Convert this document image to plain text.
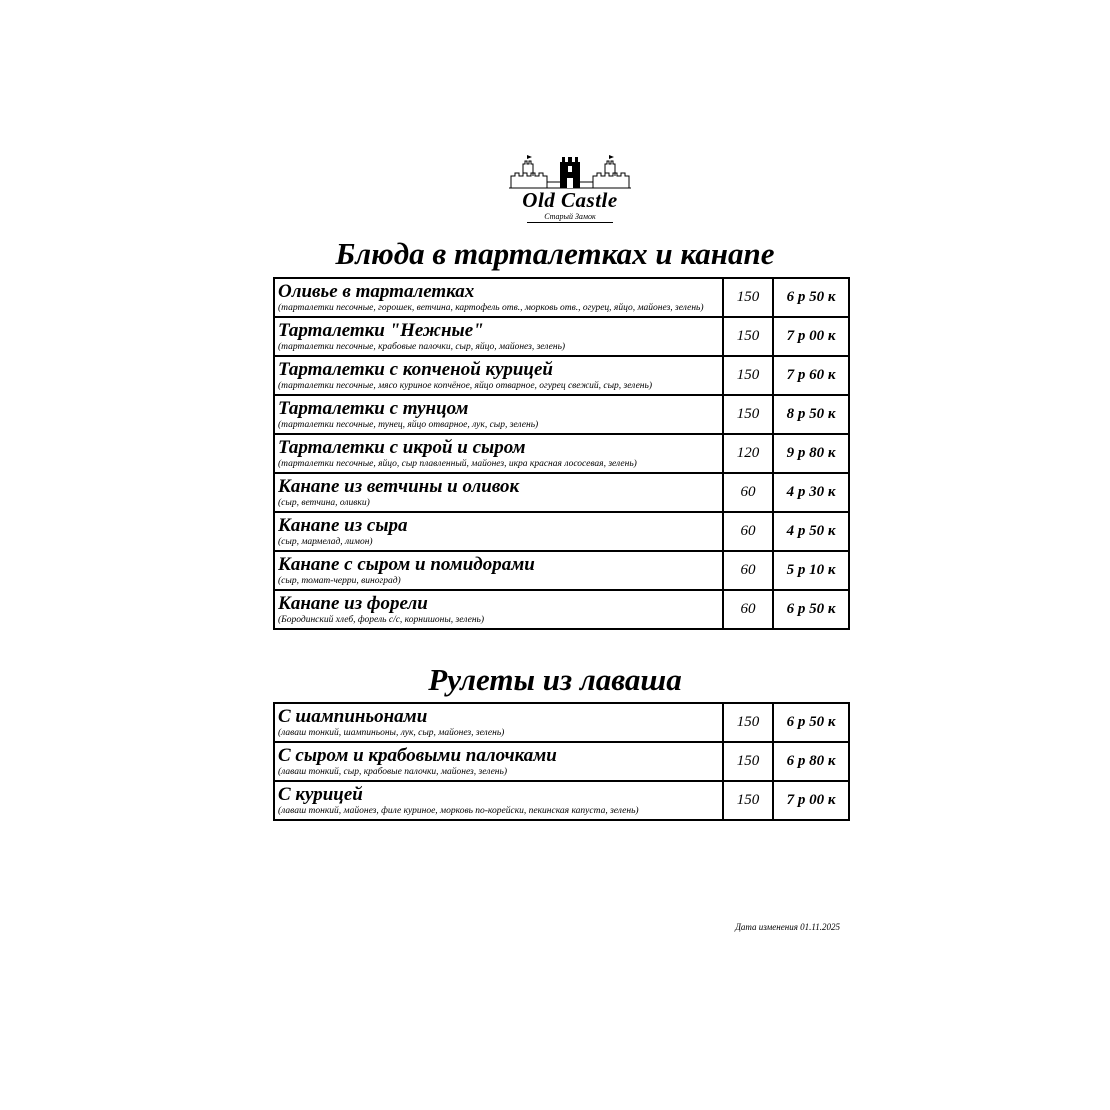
Old Castle
Старый Замок
Блюда в тарталетках и канапе
Оливье в тарталетках
(тарталетки песочные, горошек, ветчина, картофель отв., морковь отв., огурец, яйцо, майонез, зелень)	150	6 р 50 к

Тарталетки "Нежные"
(тарталетки песочные, крабовые палочки, сыр, яйцо, майонез, зелень)	150	7 р 00 к

Тарталетки с копченой курицей
(тарталетки песочные, мясо куриное копчёное, яйцо отварное, огурец свежий, сыр, зелень)	150	7 р 60 к

Тарталетки с тунцом
(тарталетки песочные, тунец, яйцо отварное, лук, сыр, зелень)	150	8 р 50 к

Тарталетки с икрой и сыром
(тарталетки песочные, яйцо, сыр плавленный, майонез, икра красная лососевая, зелень)	120	9 р 80 к

Канапе из ветчины и оливок
(сыр, ветчина, оливки)	60	4 р 30 к

Канапе из сыра
(сыр, мармелад, лимон)	60	4 р 50 к

Канапе с сыром и помидорами
(сыр, томат-черри, виноград)	60	5 р 10 к

Канапе из форели
(Бородинский хлеб, форель с/с, корнишоны, зелень)	60	6 р 50 к
Рулеты из лаваша
С шампиньонами
(лаваш тонкий, шампиньоны, лук, сыр, майонез, зелень)	150	6 р 50 к

С сыром и крабовыми палочками
(лаваш тонкий, сыр, крабовые палочки, майонез, зелень)	150	6 р 80 к

С курицей
(лаваш тонкий, майонез, филе куриное, морковь по-корейски, пекинская капуста, зелень)	150	7 р 00 к
Дата изменения 01.11.2025
